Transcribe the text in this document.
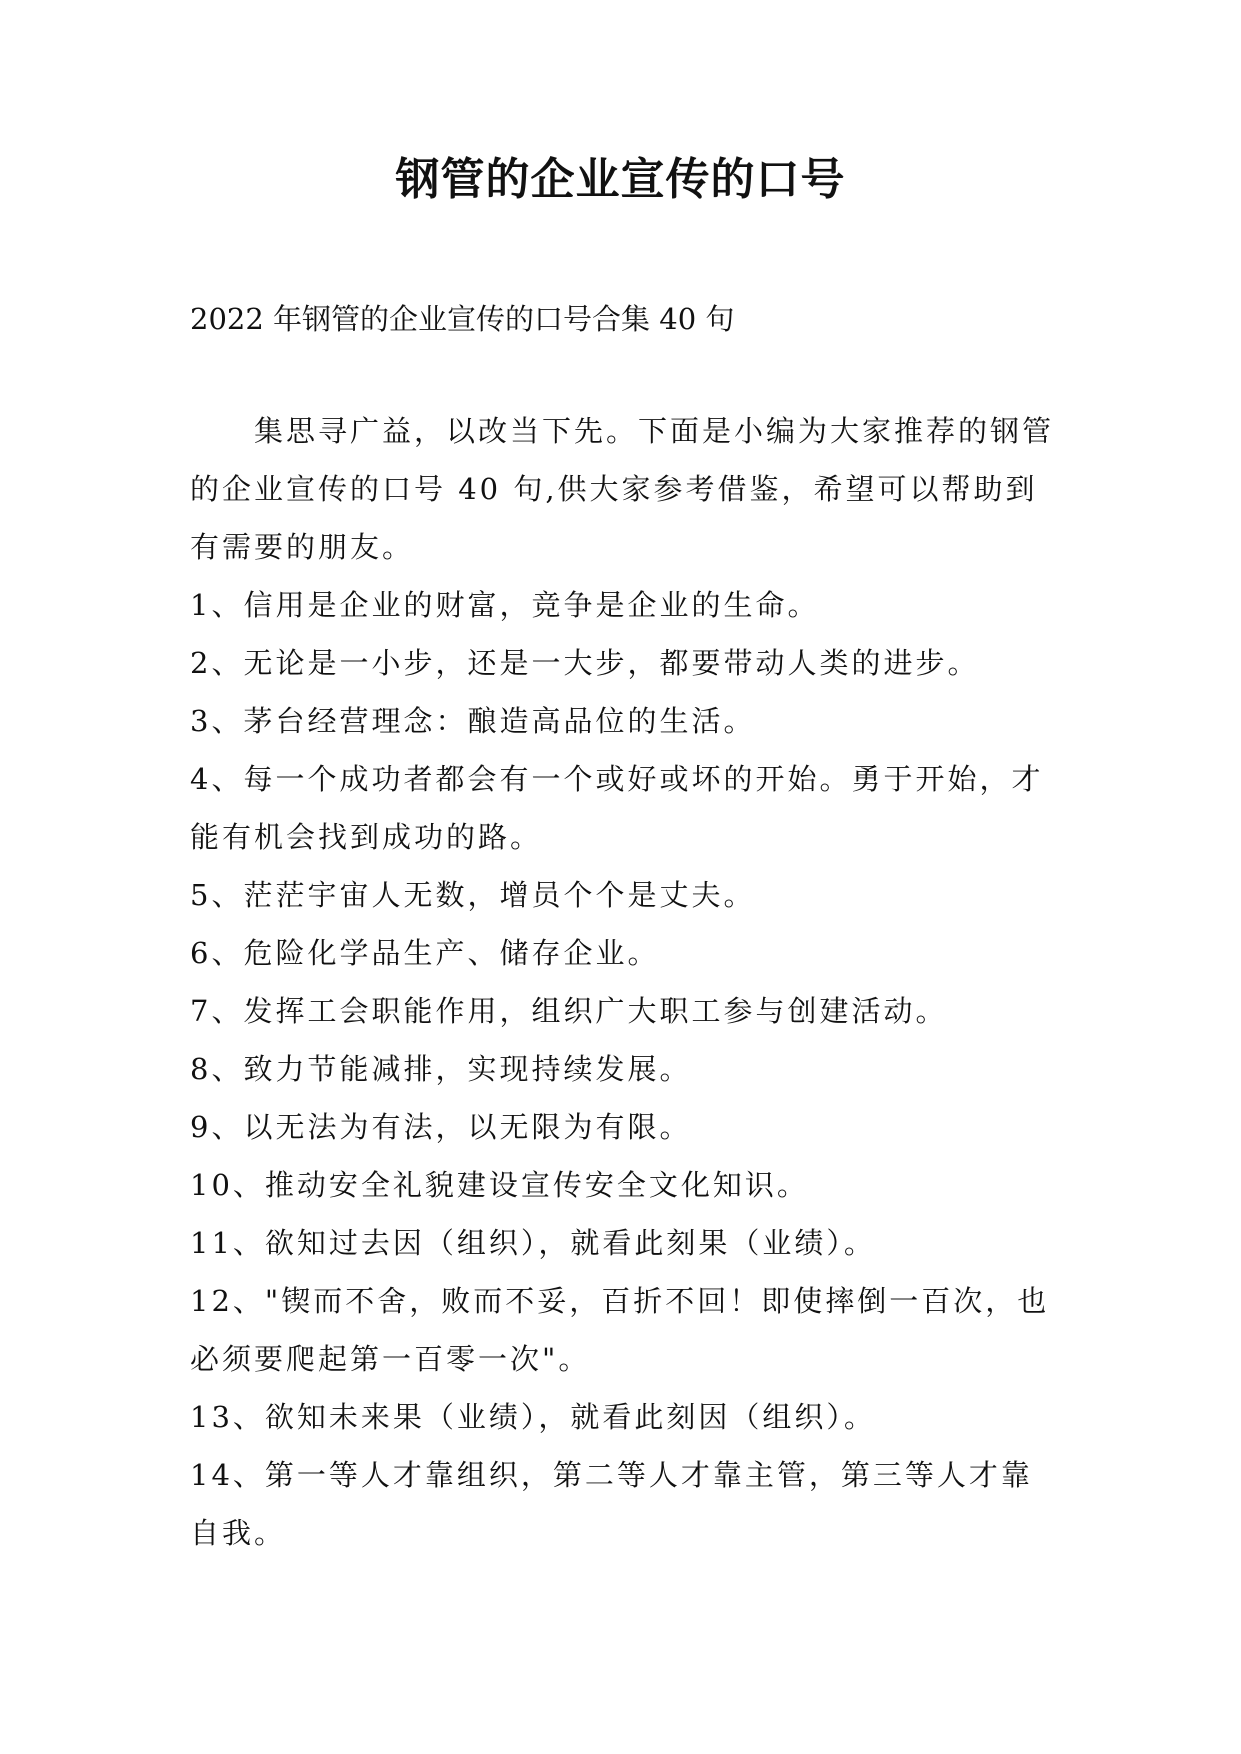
钢管的企业宣传的口号

2022 年钢管的企业宣传的口号合集 40 句

集思寻广益，以改当下先。下面是小编为大家推荐的钢管的企业宣传的口号 40 句,供大家参考借鉴，希望可以帮助到有需要的朋友。

1、信用是企业的财富，竞争是企业的生命。

2、无论是一小步，还是一大步，都要带动人类的进步。

3、茅台经营理念：酿造高品位的生活。

4、每一个成功者都会有一个或好或坏的开始。勇于开始，才能有机会找到成功的路。

5、茫茫宇宙人无数，增员个个是丈夫。

6、危险化学品生产、储存企业。

7、发挥工会职能作用，组织广大职工参与创建活动。

8、致力节能减排，实现持续发展。

9、以无法为有法，以无限为有限。

10、推动安全礼貌建设宣传安全文化知识。

11、欲知过去因（组织），就看此刻果（业绩）。

12、"锲而不舍，败而不妥，百折不回！即使摔倒一百次，也必须要爬起第一百零一次"。

13、欲知未来果（业绩），就看此刻因（组织）。

14、第一等人才靠组织，第二等人才靠主管，第三等人才靠自我。
